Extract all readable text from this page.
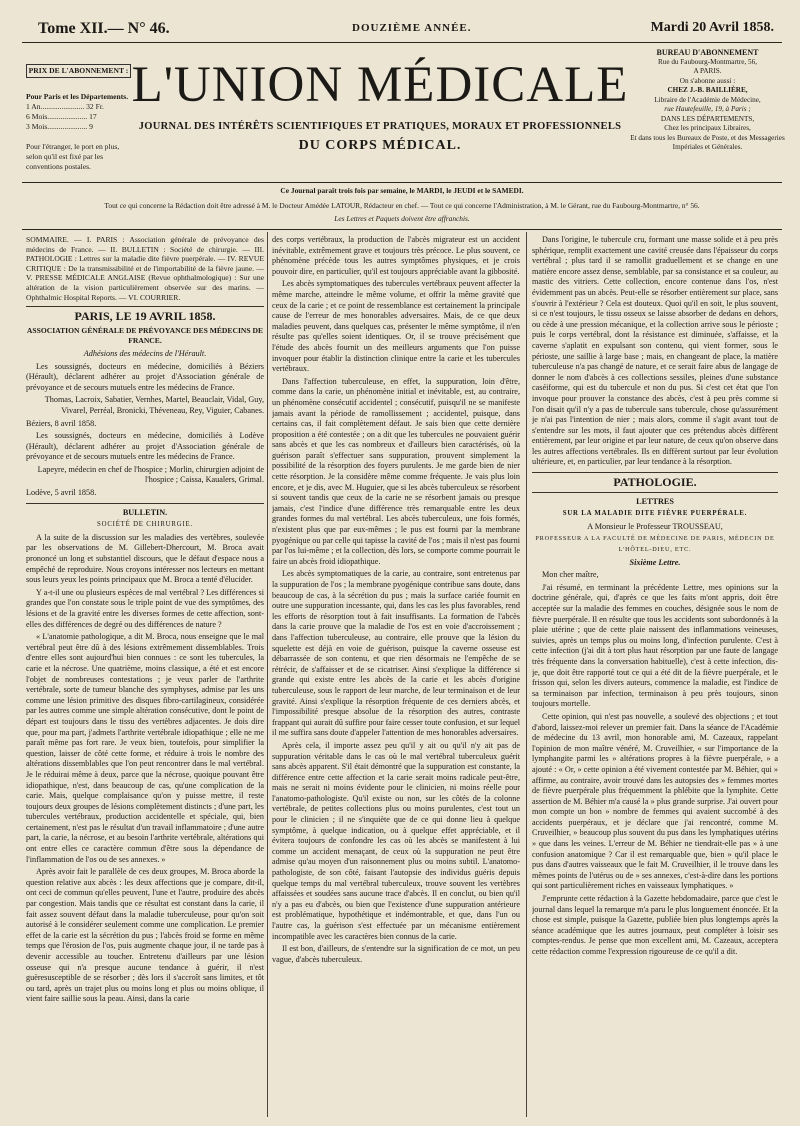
Tome XII.— N° 46.	DOUZIÈME ANNÉE.	Mardi 20 Avril 1858.
PRIX DE L'ABONNEMENT :
Pour Paris et les Départements.
1 An....................... 32 Fr.
6 Mois..................... 17
3 Mois..................... 9
Pour l'étranger, le port en plus, selon qu'il est fixé par les conventions postales.
L'UNION MÉDICALE
JOURNAL DES INTÉRÊTS SCIENTIFIQUES ET PRATIQUES, MORAUX ET PROFESSIONNELS
DU CORPS MÉDICAL.
BUREAU D'ABONNEMENT
Rue du Faubourg-Montmartre, 56,
A PARIS.
On s'abonne aussi :
CHEZ J.-B. BAILLIÈRE,
Libraire de l'Académie de Médecine,
rue Hautefeuille, 19, à Paris ;
DANS LES DÉPARTEMENTS,
Chez les principaux Libraires,
Et dans tous les Bureaux de Poste, et des Messageries Impériales et Générales.
Ce Journal paraît trois fois par semaine, le MARDI, le JEUDI et le SAMEDI.
Tout ce qui concerne la Rédaction doit être adressé à M. le Docteur Amédée LATOUR, Rédacteur en chef. — Tout ce qui concerne l'Administration, à M. le Gérant, rue du Faubourg-Montmartre, n° 56.
Les Lettres et Paquets doivent être affranchis.

SOMMAIRE. — I. PARIS : Association générale de prévoyance des médecins de France. — II. BULLETIN : Société de chirurgie. — III. PATHOLOGIE : Lettres sur la maladie dite fièvre puerpérale. — IV. REVUE CRITIQUE : De la transmissibilité et de l'importabilité de la fièvre jaune. — V. PRESSE MÉDICALE ANGLAISE (Revue ophthalmologique) : Sur une altération de la vision particulièrement observée sur des marins. — Ophthalmic Hospital Reports. — VI. COURRIER.

PARIS, LE 19 AVRIL 1858.

ASSOCIATION GÉNÉRALE DE PRÉVOYANCE DES MÉDECINS DE FRANCE.

Adhésions des médecins de l'Hérault.

Les soussignés, docteurs en médecine, domiciliés à Béziers (Hérault), déclarent adhérer au projet d'Association générale de prévoyance et de secours mutuels entre les médecins de France.

Thomas, Lacroix, Sabatier, Vernhes, Martel, Beauclair, Vidal, Guy, Vivarel, Perréal, Bronicki, Théveneau, Rey, Viguier, Cabanes.

Béziers, 8 avril 1858.

Les soussignés, docteurs en médecine, domiciliés à Lodève (Hérault), déclarent adhérer au projet d'Association générale de prévoyance et de secours mutuels entre les médecins de France.

Lapeyre, médecin en chef de l'hospice ; Morlin, chirurgien adjoint de l'hospice ; Caissa, Kaualers, Grimal.

Lodève, 5 avril 1858.

BULLETIN.

SOCIÉTÉ DE CHIRURGIE.

A la suite de la discussion sur les maladies des vertèbres, soulevée par les observations de M. Gillebert-Dhercourt, M. Broca avait prononcé un long et substantiel discours, que le défaut d'espace nous a empêché de reproduire. Nous croyons intéresser nos lecteurs en mettant sous leurs yeux les points principaux que M. Broca a tenté d'élucider.

Y a-t-il une ou plusieurs espèces de mal vertébral ? Les différences si grandes que l'on constate sous le triple point de vue des symptômes, des lésions et de la gravité entre les diverses formes de cette affection, sont-elles des différences de degré ou des différences de nature ?

« L'anatomie pathologique, a dit M. Broca, nous enseigne que le mal vertébral peut être dû à des lésions extrêmement dissemblables. Trois d'entre elles sont aujourd'hui bien connues : ce sont les tubercules, la carie et la nécrose. Une quatrième, moins classique, a été et est encore l'objet de nombreuses contestations ; je veux parler de l'arthrite vertébrale, sorte de tumeur blanche des symphyses, admise par les uns comme une lésion primitive des disques fibro-cartilagineux, considérée par les autres comme une simple altération consécutive, dont le point de départ est toujours dans le tissu des vertèbres adjacentes. Je dois dire que, pour ma part, j'admets l'arthrite vertébrale idiopathique ; elle ne me paraît même pas fort rare. Je veux bien, toutefois, pour simplifier la question, laisser de côté cette forme, et réduire à trois le nombre des altérations dissemblables que l'on peut rencontrer dans le mal vertébral. Je le réduirai même à deux, parce que la nécrose, quoique pouvant être idiopathique, n'est, dans beaucoup de cas, qu'une complication de la carie. Mais, quelque complaisance qu'on y puisse mettre, il reste toujours deux groupes de lésions complètement distincts ; d'une part, les tubercules vertébraux, production accidentelle et spéciale, qui, bien certainement, n'est pas le résultat d'un travail inflammatoire ; d'une autre part, la carie, la nécrose, et au besoin l'arthrite vertébrale, altérations qui ont entre elles ce caractère commun d'être sous la dépendance de l'inflammation de l'os ou de ses annexes. »

Après avoir fait le parallèle de ces deux groupes, M. Broca aborde la question relative aux abcès : les deux affections que je compare, dit-il, ont ceci de commun qu'elles peuvent, l'une et l'autre, produire des abcès par congestion. Mais tandis que ce résultat est constant dans la carie, il fait assez souvent défaut dans la maladie tuberculeuse, pour qu'on soit autorisé à le considérer seulement comme une complication. Le premier effet de la carie est la sécrétion du pus ; l'abcès froid se forme en même temps que l'érosion de l'os, puis augmente chaque jour, il ne tarde pas à devenir accessible au toucher. Entretenu d'ailleurs par une lésion osseuse qui n'a presque aucune tendance à guérir, il n'est guèresusceptible de se résorber ; dès lors il s'accroît sans limites, et tôt ou tard, après un trajet plus ou moins long et plus ou moins oblique, il vient faire saillie sous la peau. Ainsi, dans la carie

des corps vertébraux, la production de l'abcès migrateur est un accident inévitable, extrêmement grave et toujours très précoce. Le plus souvent, ce phénomène précède tous les autres symptômes physiques, et je crois pouvoir dire, en particulier, qu'il est toujours appréciable avant la gibbosité.

Les abcès symptomatiques des tubercules vertébraux peuvent affecter la même marche, atteindre le même volume, et offrir la même gravité que ceux de la carie ; et ce point de ressemblance est certainement la principale cause de l'erreur de mes honorables adversaires. Mais, de ce que deux maladies peuvent, dans quelques cas, présenter le même symptôme, il n'en résulte pas qu'elles soient identiques. Or, il se trouve précisément que l'étude des abcès fournit un des meilleurs arguments que l'on puisse invoquer pour établir la distinction clinique entre la carie et les tubercules vertébraux.

Dans l'affection tuberculeuse, en effet, la suppuration, loin d'être, comme dans la carie, un phénomène initial et inévitable, est, au contraire, un phénomène consécutif accidentel ; consécutif, puisqu'il ne se manifeste jamais avant la période de ramollissement ; accidentel, puisque, dans certains cas, il fait complètement défaut. Je sais bien que cette dernière proposition a été contestée ; on a dit que les tubercules ne pouvaient guérir sans abcès et que les cas nombreux et d'ailleurs bien caractérisés, où la guérison paraît s'effectuer sans suppuration, prouvent simplement la possibilité de la résorption des foyers purulents. Je me garde bien de nier cette résorption. Je la considère même comme fréquente. Je vais plus loin encore, et je dis, avec M. Huguier, que si les abcès tuberculeux se résorbent si souvent tandis que ceux de la carie ne se résorbent jamais ou presque jamais, c'est l'indice d'une différence très remarquable entre les deux grandes formes du mal vertébral. Les abcès tuberculeux, une fois formés, n'existent plus que par eux-mêmes ; le pus est fourni par la membrane pyogénique ou par celle qui tapisse la cavité de l'os ; mais il n'est pas fourni par l'os lui-même ; et la collection, dès lors, se comporte comme pourrait le faire un abcès froid idiopathique.

Les abcès symptomatiques de la carie, au contraire, sont entretenus par la suppuration de l'os ; la membrane pyogénique contribue sans doute, dans beaucoup de cas, à la sécrétion du pus ; mais la surface cariée fournit en outre une suppuration incessante, qui, dans les cas les plus favorables, rend les efforts de résorption tout à fait insuffisants. La formation de l'abcès dans la carie prouve que la maladie de l'os est en voie d'accroissement ; dans l'affection tuberculeuse, au contraire, elle prouve que la lésion du squelette est déjà en voie de guérison, puisque la caverne osseuse est débarrassée de son contenu, et que rien désormais ne l'empêche de se rétrécir, de s'affaisser et de se cicatriser. Ainsi s'explique la différence si grande qui existe entre les abcès de la carie et les abcès d'origine tuberculeuse, sous le rapport de leur marche, de leur terminaison et de leur gravité. Ainsi s'explique la résorption fréquente de ces derniers abcès, et l'impossibilité presque absolue de la résorption des autres, contraste frappant qui aurait dû suffire pour faire cesser toute confusion, et sur lequel il me suffira sans doute d'appeler l'attention de mes honorables adversaires.

Après cela, il importe assez peu qu'il y ait ou qu'il n'y ait pas de suppuration véritable dans le cas où le mal vertébral tuberculeux guérit sans abcès apparent. S'il était démontré que la suppuration est constante, la différence entre cette affection et la carie serait moins radicale peut-être, mais ne serait ni moins évidente pour le clinicien, ni moins réelle pour l'anatomo-pathologiste. Qu'il existe ou non, sur les côtés de la colonne vertébrale, de petites collections plus ou moins purulentes, c'est tout un pour le clinicien ; il ne s'inquiète que de ce qui donne lieu à quelque symptôme, à quelque indication, ou à quelque effet appréciable, et il évitera toujours de confondre les cas où les abcès se manifestent à lui comme un accident menaçant, de ceux où la suppuration ne peut être admise qu'au moyen d'un raisonnement plus ou moins subtil. L'anatomo-pathologiste, de son côté, faisant l'autopsie des individus guéris depuis quelque temps du mal vertébral tuberculeux, trouve souvent les vertèbres affaissées et soudées sans aucune trace d'abcès. Il en conclut, ou bien qu'il n'y a pas eu d'abcès, ou bien que l'existence d'une suppuration antérieure est problématique, hypothétique et indémontrable, et que, dans l'un ou l'autre cas, la guérison s'est effectuée par un mécanisme entièrement incompatible avec les caractères bien connus de la carie.

Il est bon, d'ailleurs, de s'entendre sur la signification de ce mot, un peu vague, d'abcès tuberculeux.

Dans l'origine, le tubercule cru, formant une masse solide et à peu près sphérique, remplit exactement une cavité creusée dans l'épaisseur du corps vertébral ; plus tard il se ramollit graduellement et se change en une matière encore assez dense, semblable, par sa consistance et sa couleur, au mastic des vitriers. Cette collection, encore contenue dans l'os, n'est évidemment pas un abcès. Peut-elle se résorber entièrement sur place, sans s'ouvrir à l'extérieur ? Cela est douteux. Quoi qu'il en soit, le plus souvent, si ce n'est toujours, le tissu osseux se laisse absorber de dedans en dehors, ou cède à une pression mécanique, et la collection arrive sous le périoste ; puis le corps vertébral, dont la résistance est diminuée, s'affaisse, et la caverne s'aplatit en expulsant son contenu, qui vient former, sous le périoste, une saillie à large base ; mais, en changeant de place, la matière tuberculeuse n'a pas changé de nature, et ce serait faire abus de langage de donner le nom d'abcès à ces collections sessiles, pleines d'une substance caséiforme, qui est du tubercule et non du pus. Si c'est cet état que l'on invoque pour prouver la constance des abcès, c'est à peu près comme si l'on disait qu'il n'y a pas de tubercule sans tubercule, chose qu'assurément je n'ai pas l'intention de nier ; mais alors, comme il s'agit avant tout de s'entendre sur les mots, il faut ajouter que ces prétendus abcès diffèrent entièrement, par leur origine et par leur nature, de ceux qu'on observe dans les autres affections vertébrales. Ils en diffèrent surtout par leur évolution ultérieure, et, en particulier, par leur tendance à la résorption.

PATHOLOGIE.

LETTRES

SUR LA MALADIE DITE FIÈVRE PUERPÉRALE.

A Monsieur le Professeur TROUSSEAU,

PROFESSEUR A LA FACULTÉ DE MÉDECINE DE PARIS, MÉDECIN DE L'HÔTEL-DIEU, ETC.

Sixième Lettre.

Mon cher maître,

J'ai résumé, en terminant la précédente Lettre, mes opinions sur la doctrine générale, qui, d'après ce que les faits m'ont appris, doit être acceptée sur la maladie des femmes en couches, désignée sous le nom de fièvre puerpérale. Il en résulte que tous les accidents sont subordonnés à la plaie utérine ; que de cette plaie naissent des inflammations veineuses, suivies, après un temps plus ou moins long, d'infection purulente. C'est à cette infection (j'ai dit à tort plus haut résorption par une faute de langage très fréquente dans la conversation habituelle), c'est à cette infection, dis-je, que doit être rapporté tout ce qui a été dit de la fièvre puerpérale, et le frisson qui, selon les divers auteurs, commence la maladie, est l'indice de sa terminaison par infection, terminaison à peu près toujours, sinon toujours mortelle.

Cette opinion, qui n'est pas nouvelle, a soulevé des objections ; et tout d'abord, laissez-moi relever un premier fait. Dans la séance de l'Académie de médecine du 13 avril, mon honorable ami, M. Cazeaux, rappelant l'opinion de mon maître vénéré, M. Cruveilhier, « sur l'importance de la lymphangite parmi les » altérations propres à la fièvre puerpérale, » a ajouté : « Or, » cette opinion a été vivement contestée par M. Béhier, qui » affirme, au contraire, avoir trouvé dans les autopsies des » femmes mortes de fièvre puerpérale plus fréquemment la phlébite que la lymphite. Cette assertion de M. Béhier m'a causé la » plus grande surprise. J'ai ouvert pour mon compte un bon » nombre de femmes qui avaient succombé à des accidents puerpéraux, et je déclare que j'ai rencontré, comme M. Cruveilhier, » beaucoup plus souvent du pus dans les lymphatiques utérins » que dans les veines. L'erreur de M. Béhier ne tiendrait-elle pas » à une confusion anatomique ? Car il est remarquable que, bien » qu'il place le pus dans d'autres vaisseaux que le fait M. Cruveilhier, il le trouve dans les mêmes points de l'utérus ou de » ses annexes, c'est-à-dire dans les portions qui sont particulièrement riches en vaisseaux lymphatiques. »

J'emprunte cette rédaction à la Gazette hebdomadaire, parce que c'est le journal dans lequel la remarque m'a paru le plus longuement énoncée. Et la chose est simple, puisque la Gazette, publiée bien plus longtemps après la séance académique que les autres journaux, peut compléter à loisir ses comptes-rendus. Je pense que mon excellent ami, M. Cazeaux, acceptera cette rédaction comme l'expression rigoureuse de ce qu'il a dit.
